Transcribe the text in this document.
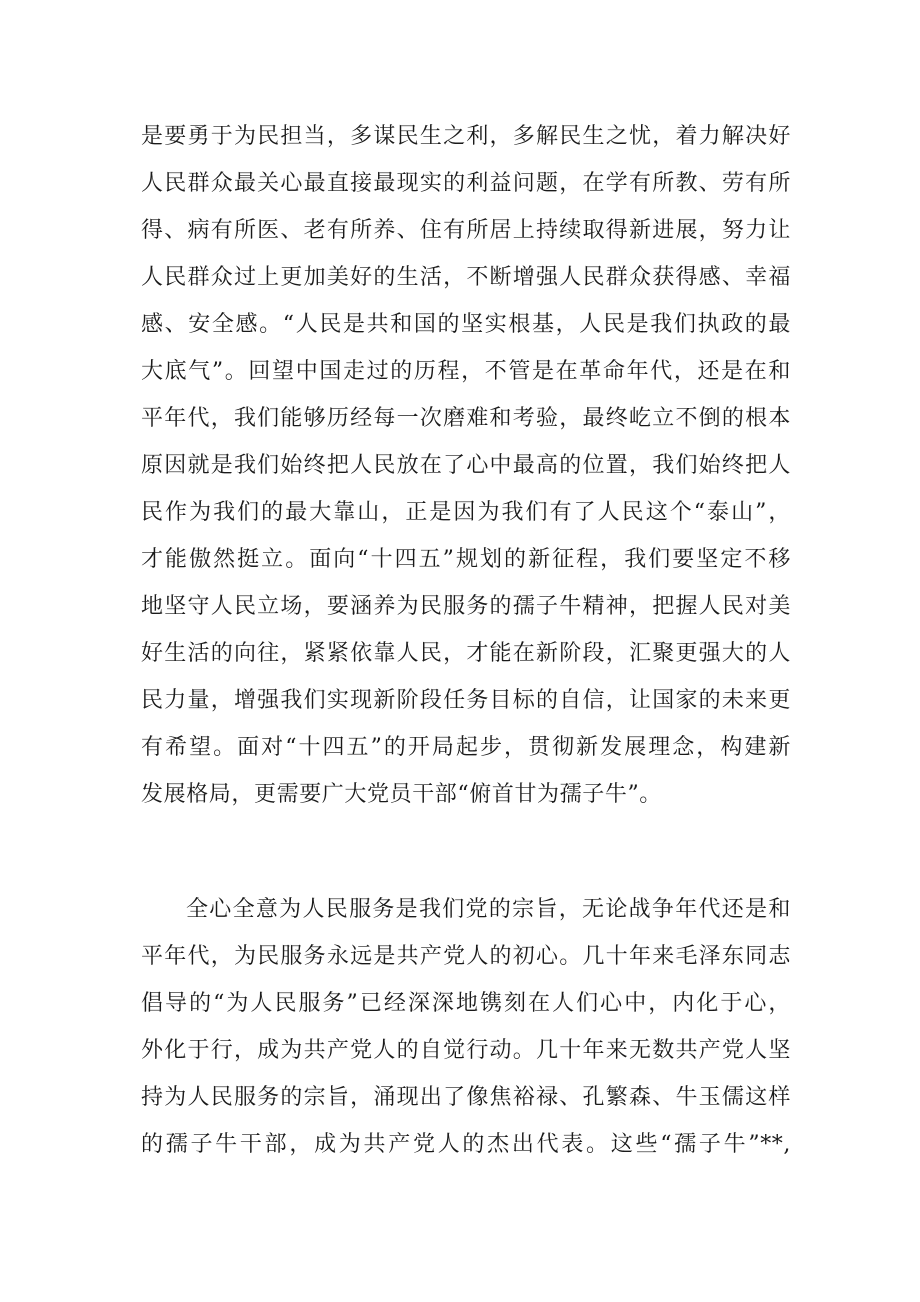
是要勇于为民担当，多谋民生之利，多解民生之忧，着力解决好
人民群众最关心最直接最现实的利益问题，在学有所教、劳有所
得、病有所医、老有所养、住有所居上持续取得新进展，努力让
人民群众过上更加美好的生活，不断增强人民群众获得感、幸福
感、安全感。“人民是共和国的坚实根基，人民是我们执政的最
大底气”。回望中国走过的历程，不管是在革命年代，还是在和
平年代，我们能够历经每一次磨难和考验，最终屹立不倒的根本
原因就是我们始终把人民放在了心中最高的位置，我们始终把人
民作为我们的最大靠山，正是因为我们有了人民这个“泰山”，
才能傲然挺立。面向“十四五”规划的新征程，我们要坚定不移
地坚守人民立场，要涵养为民服务的孺子牛精神，把握人民对美
好生活的向往，紧紧依靠人民，才能在新阶段，汇聚更强大的人
民力量，增强我们实现新阶段任务目标的自信，让国家的未来更
有希望。面对“十四五”的开局起步，贯彻新发展理念，构建新
发展格局，更需要广大党员干部“俯首甘为孺子牛”。
全心全意为人民服务是我们党的宗旨，无论战争年代还是和
平年代，为民服务永远是共产党人的初心。几十年来毛泽东同志
倡导的“为人民服务”已经深深地镌刻在人们心中，内化于心，
外化于行，成为共产党人的自觉行动。几十年来无数共产党人坚
持为人民服务的宗旨，涌现出了像焦裕禄、孔繁森、牛玉儒这样
的孺子牛干部，成为共产党人的杰出代表。这些“孺子牛”**,
